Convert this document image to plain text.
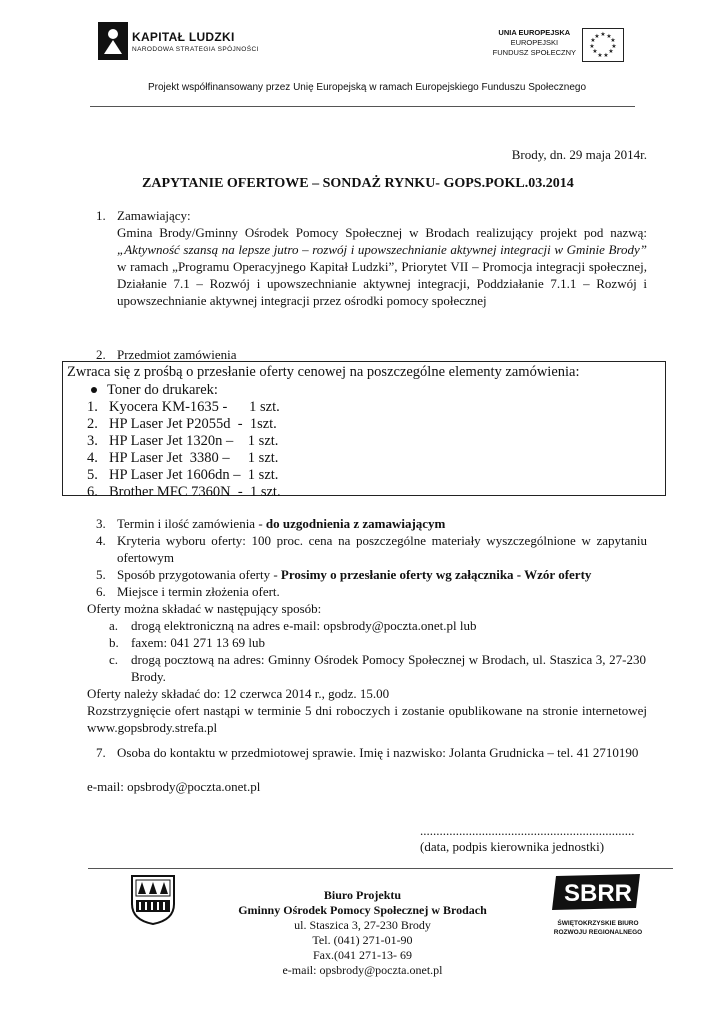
KAPITAŁ LUDZKI
NARODOWA STRATEGIA SPÓJNOŚCI
UNIA EUROPEJSKA
EUROPEJSKI
FUNDUSZ SPOŁECZNY
★ ★
★
★
★
★
★
★
★
★
★
Projekt współfinansowany przez Unię Europejską w ramach Europejskiego Funduszu Społecznego
Brody, dn. 29 maja 2014r.
ZAPYTANIE OFERTOWE – SONDAŻ RYNKU- GOPS.POKL.03.2014
1. Zamawiający:
Gmina Brody/Gminny Ośrodek Pomocy Społecznej w Brodach realizujący projekt pod nazwą: „Aktywność szansą na lepsze jutro – rozwój i upowszechnianie aktywnej integracji w Gminie Brody” w ramach „Programu Operacyjnego Kapitał Ludzki”, Priorytet VII – Promocja integracji społecznej, Działanie 7.1 – Rozwój i upowszechnianie aktywnej integracji, Poddziałanie 7.1.1 – Rozwój i upowszechnianie aktywnej integracji przez ośrodki pomocy społecznej
2. Przedmiot zamówienia
Zwraca się z prośbą o przesłanie oferty cenowej na poszczególne elementy zamówienia:
Toner do drukarek:
1. Kyocera KM-1635 -      1 szt.
2. HP Laser Jet P2055d  -  1szt.
3. HP Laser Jet 1320n –    1 szt.
4. HP Laser Jet  3380 –     1 szt.
5. HP Laser Jet 1606dn –  1 szt.
6. Brother MFC 7360N  -  1 szt.
3. Termin i ilość zamówienia - do uzgodnienia z zamawiającym
4. Kryteria wyboru oferty: 100 proc. cena na poszczególne materiały wyszczególnione w zapytaniu ofertowym
5. Sposób przygotowania oferty - Prosimy o przesłanie oferty wg załącznika - Wzór oferty
6. Miejsce i termin złożenia ofert.
Oferty można składać w następujący sposób:
a. drogą elektroniczną na adres e-mail: opsbrody@poczta.onet.pl lub
b. faxem: 041 271 13 69 lub
c. drogą pocztową na adres: Gminny Ośrodek Pomocy Społecznej w Brodach, ul. Staszica 3, 27-230 Brody.
Oferty należy składać do: 12 czerwca 2014 r., godz. 15.00
Rozstrzygnięcie ofert nastąpi w terminie 5 dni roboczych i zostanie opublikowane na stronie internetowej www.gopsbrody.strefa.pl
7. Osoba do kontaktu w przedmiotowej sprawie. Imię i nazwisko: Jolanta Grudnicka – tel. 41 2710190
e-mail: opsbrody@poczta.onet.pl
..................................................................
(data, podpis kierownika jednostki)
Biuro Projektu
Gminny Ośrodek Pomocy Społecznej w Brodach
ul. Staszica 3, 27-230 Brody
Tel. (041) 271-01-90
Fax.(041 271-13- 69
e-mail: opsbrody@poczta.onet.pl
SBRR
ŚWIĘTOKRZYSKIE BIURO
ROZWOJU REGIONALNEGO
